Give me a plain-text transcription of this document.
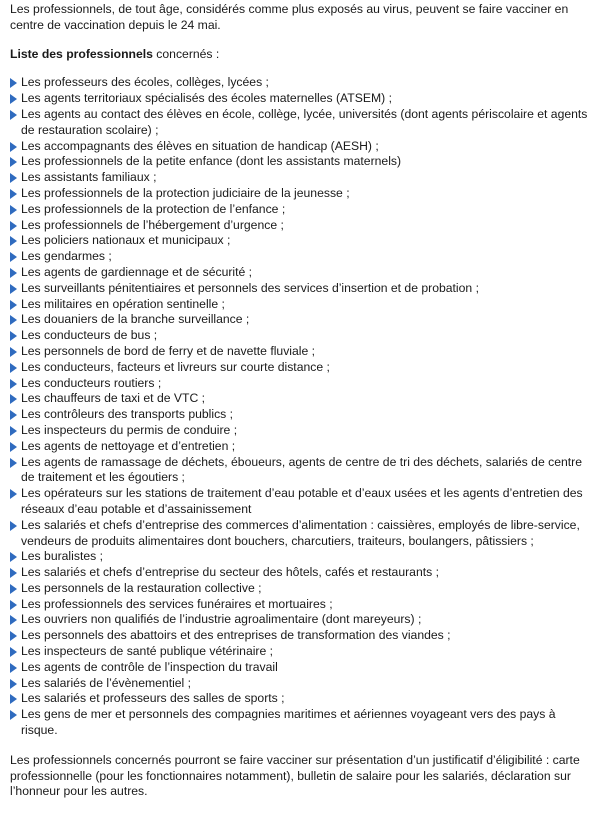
Les professionnels, de tout âge, considérés comme plus exposés au virus, peuvent se faire vacciner en centre de vaccination depuis le 24 mai.

Liste des professionnels concernés :

Les professeurs des écoles, collèges, lycées ;
Les agents territoriaux spécialisés des écoles maternelles (ATSEM) ;
Les agents au contact des élèves en école, collège, lycée, universités (dont agents périscolaire et agents de restauration scolaire) ;
Les accompagnants des élèves en situation de handicap (AESH) ;
Les professionnels de la petite enfance (dont les assistants maternels)
Les assistants familiaux ;
Les professionnels de la protection judiciaire de la jeunesse ;
Les professionnels de la protection de l’enfance ;
Les professionnels de l’hébergement d’urgence ;
Les policiers nationaux et municipaux ;
Les gendarmes ;
Les agents de gardiennage et de sécurité ;
Les surveillants pénitentiaires et personnels des services d’insertion et de probation ;
Les militaires en opération sentinelle ;
Les douaniers de la branche surveillance ;
Les conducteurs de bus ;
Les personnels de bord de ferry et de navette fluviale ;
Les conducteurs, facteurs et livreurs sur courte distance ;
Les conducteurs routiers ;
Les chauffeurs de taxi et de VTC ;
Les contrôleurs des transports publics ;
Les inspecteurs du permis de conduire ;
Les agents de nettoyage et d’entretien ;
Les agents de ramassage de déchets, éboueurs, agents de centre de tri des déchets, salariés de centre de traitement et les égoutiers ;
Les opérateurs sur les stations de traitement d’eau potable et d’eaux usées et les agents d’entretien des réseaux d’eau potable et d’assainissement
Les salariés et chefs d’entreprise des commerces d’alimentation : caissières, employés de libre-service, vendeurs de produits alimentaires dont bouchers, charcutiers, traiteurs, boulangers, pâtissiers ;
Les buralistes ;
Les salariés et chefs d’entreprise du secteur des hôtels, cafés et restaurants ;
Les personnels de la restauration collective ;
Les professionnels des services funéraires et mortuaires ;
Les ouvriers non qualifiés de l’industrie agroalimentaire (dont mareyeurs) ;
Les personnels des abattoirs et des entreprises de transformation des viandes ;
Les inspecteurs de santé publique vétérinaire ;
Les agents de contrôle de l’inspection du travail
Les salariés de l’évènementiel ;
Les salariés et professeurs des salles de sports ;
Les gens de mer et personnels des compagnies maritimes et aériennes voyageant vers des pays à risque.

Les professionnels concernés pourront se faire vacciner sur présentation d’un justificatif d’éligibilité : carte professionnelle (pour les fonctionnaires notamment), bulletin de salaire pour les salariés, déclaration sur l’honneur pour les autres.
